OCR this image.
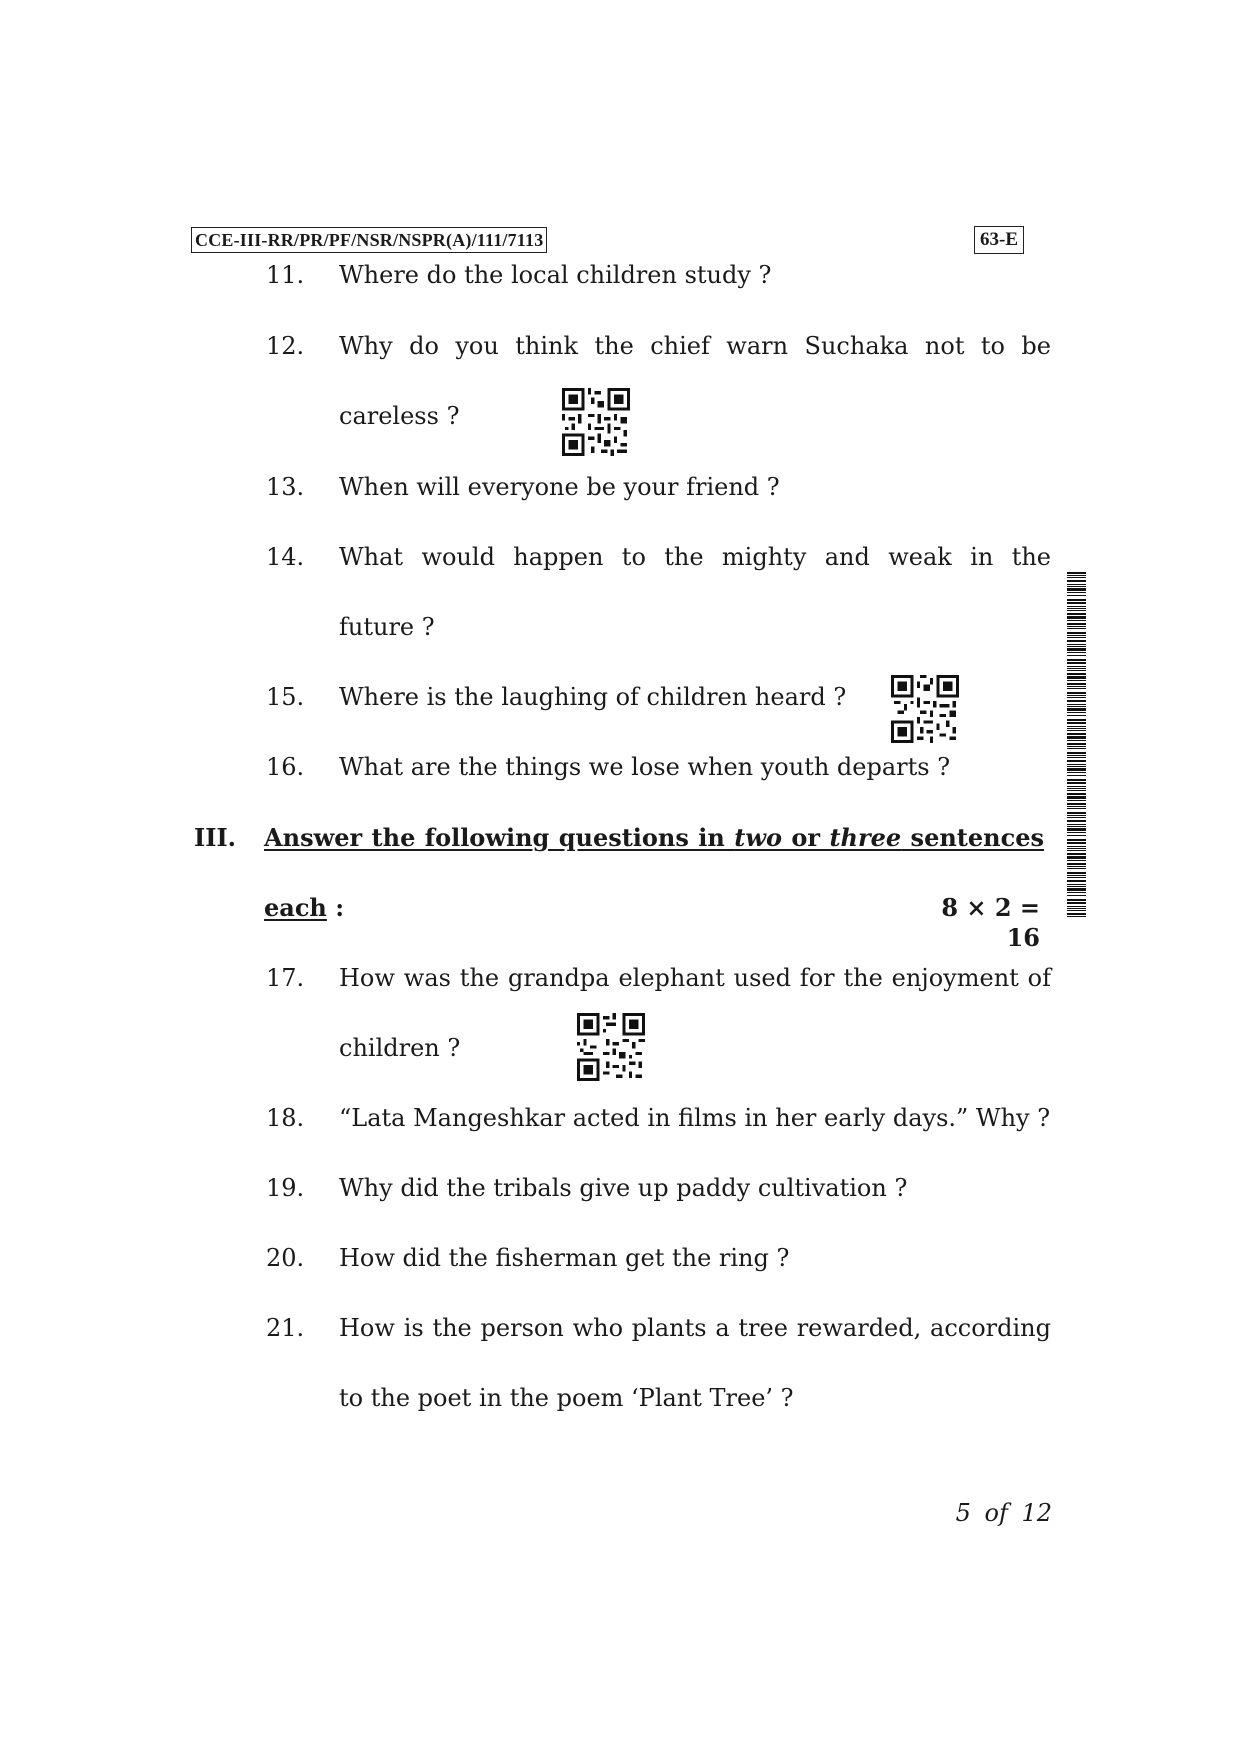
CCE-III-RR/PR/PF/NSR/NSPR(A)/111/7113	63-E
11.	Where do the local children study ?
12.	Why do you think the chief warn Suchaka not to be
careless ?
13.	When will everyone be your friend ?
14.	What would happen to the mighty and weak in the
future ?
15.	Where is the laughing of children heard ?
16.	What are the things we lose when youth departs ?
III. Answer the following questions in two or three sentences
each :	8 × 2 = 16
17.	How was the grandpa elephant used for the enjoyment of
children ?
18.	“Lata Mangeshkar acted in films in her early days.” Why ?
19.	Why did the tribals give up paddy cultivation ?
20.	How did the fisherman get the ring ?
21.	How is the person who plants a tree rewarded, according
to the poet in the poem ‘Plant Tree’ ?
5 of 12
